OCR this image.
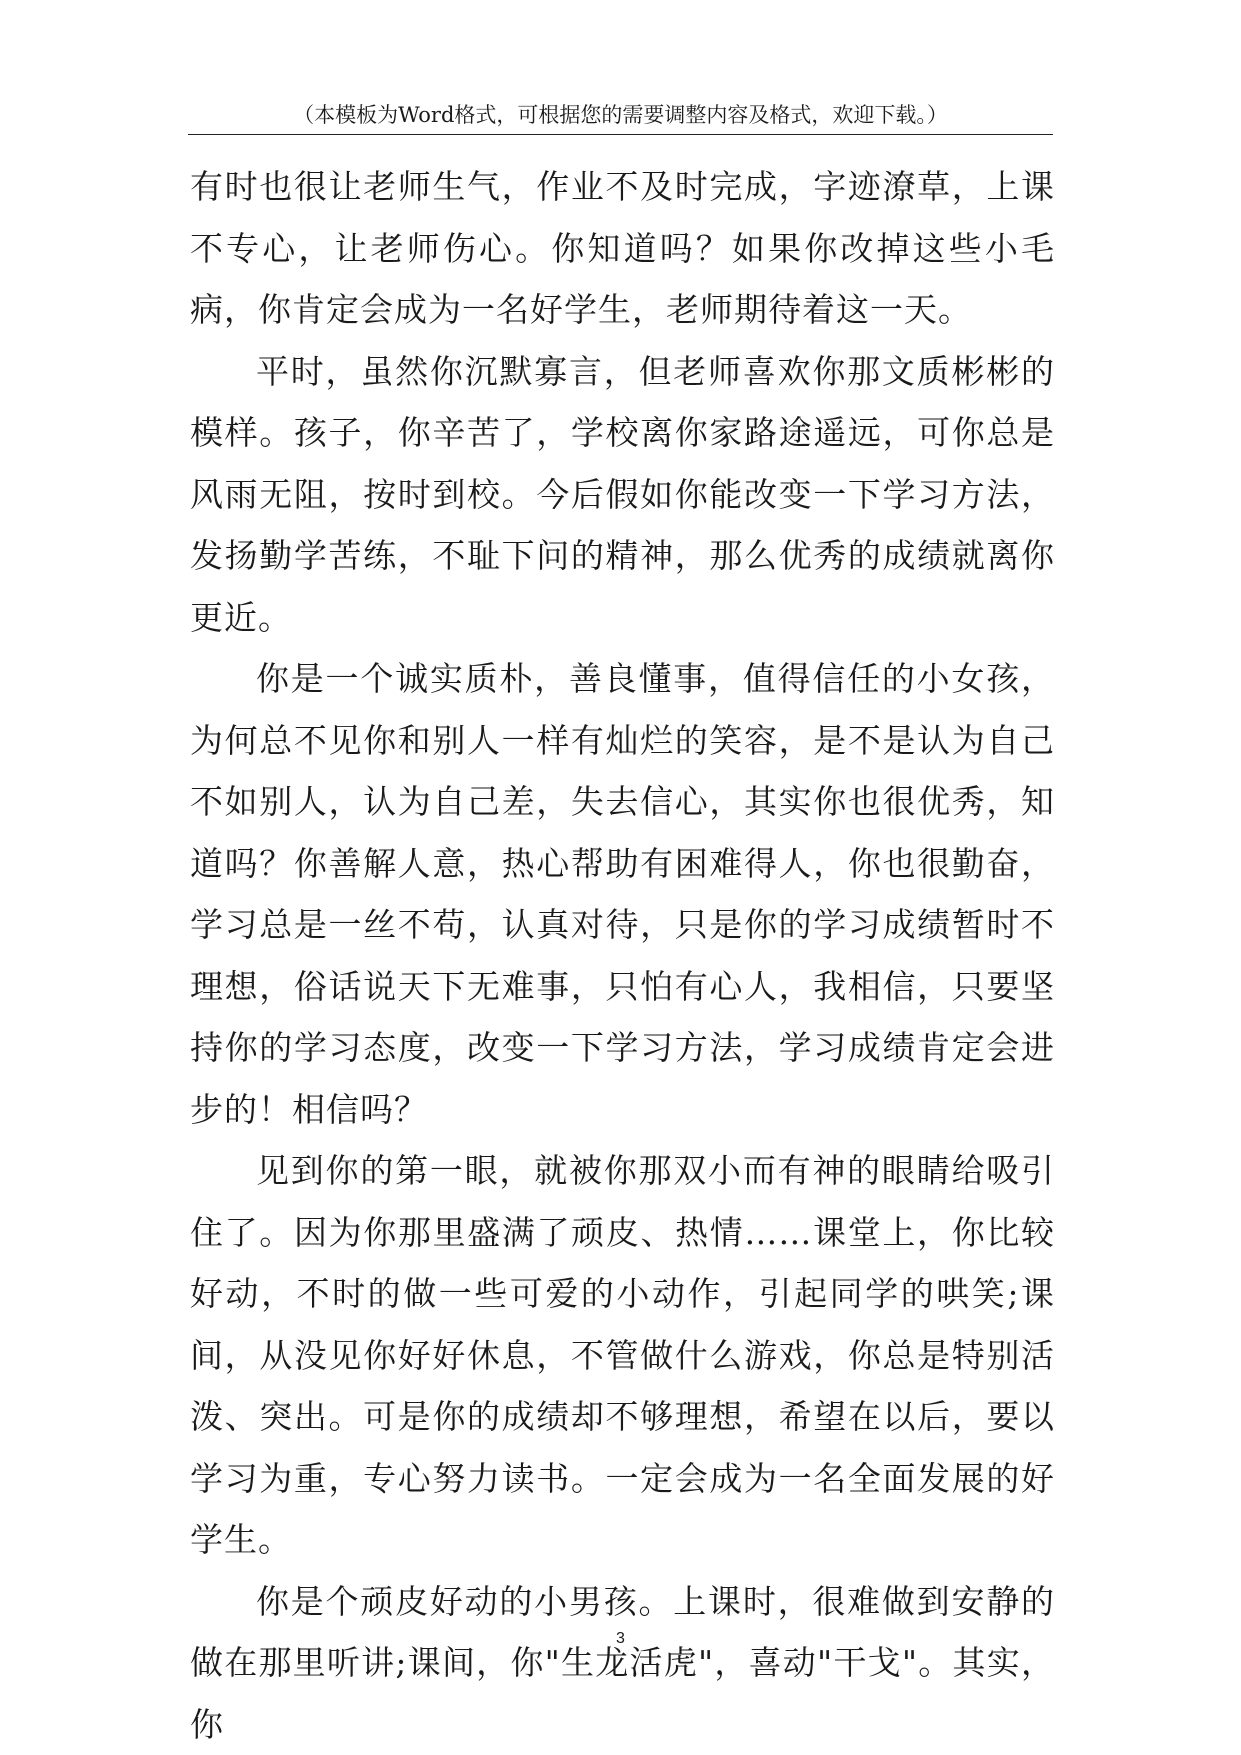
（本模板为Word格式，可根据您的需要调整内容及格式，欢迎下载。）

有时也很让老师生气，作业不及时完成，字迹潦草，上课不专心，让老师伤心。你知道吗？如果你改掉这些小毛病，你肯定会成为一名好学生，老师期待着这一天。

平时，虽然你沉默寡言，但老师喜欢你那文质彬彬的模样。孩子，你辛苦了，学校离你家路途遥远，可你总是风雨无阻，按时到校。今后假如你能改变一下学习方法，发扬勤学苦练，不耻下问的精神，那么优秀的成绩就离你更近。

你是一个诚实质朴，善良懂事，值得信任的小女孩，为何总不见你和别人一样有灿烂的笑容，是不是认为自己不如别人，认为自己差，失去信心，其实你也很优秀，知道吗？你善解人意，热心帮助有困难得人，你也很勤奋，学习总是一丝不苟，认真对待，只是你的学习成绩暂时不理想，俗话说天下无难事，只怕有心人，我相信，只要坚持你的学习态度，改变一下学习方法，学习成绩肯定会进步的！相信吗？

见到你的第一眼，就被你那双小而有神的眼睛给吸引住了。因为你那里盛满了顽皮、热情……课堂上，你比较好动，不时的做一些可爱的小动作，引起同学的哄笑;课间，从没见你好好休息，不管做什么游戏，你总是特别活泼、突出。可是你的成绩却不够理想，希望在以后，要以学习为重，专心努力读书。一定会成为一名全面发展的好学生。

你是个顽皮好动的小男孩。上课时，很难做到安静的做在那里听讲;课间，你"生龙活虎"，喜动"干戈"。其实，你

3
